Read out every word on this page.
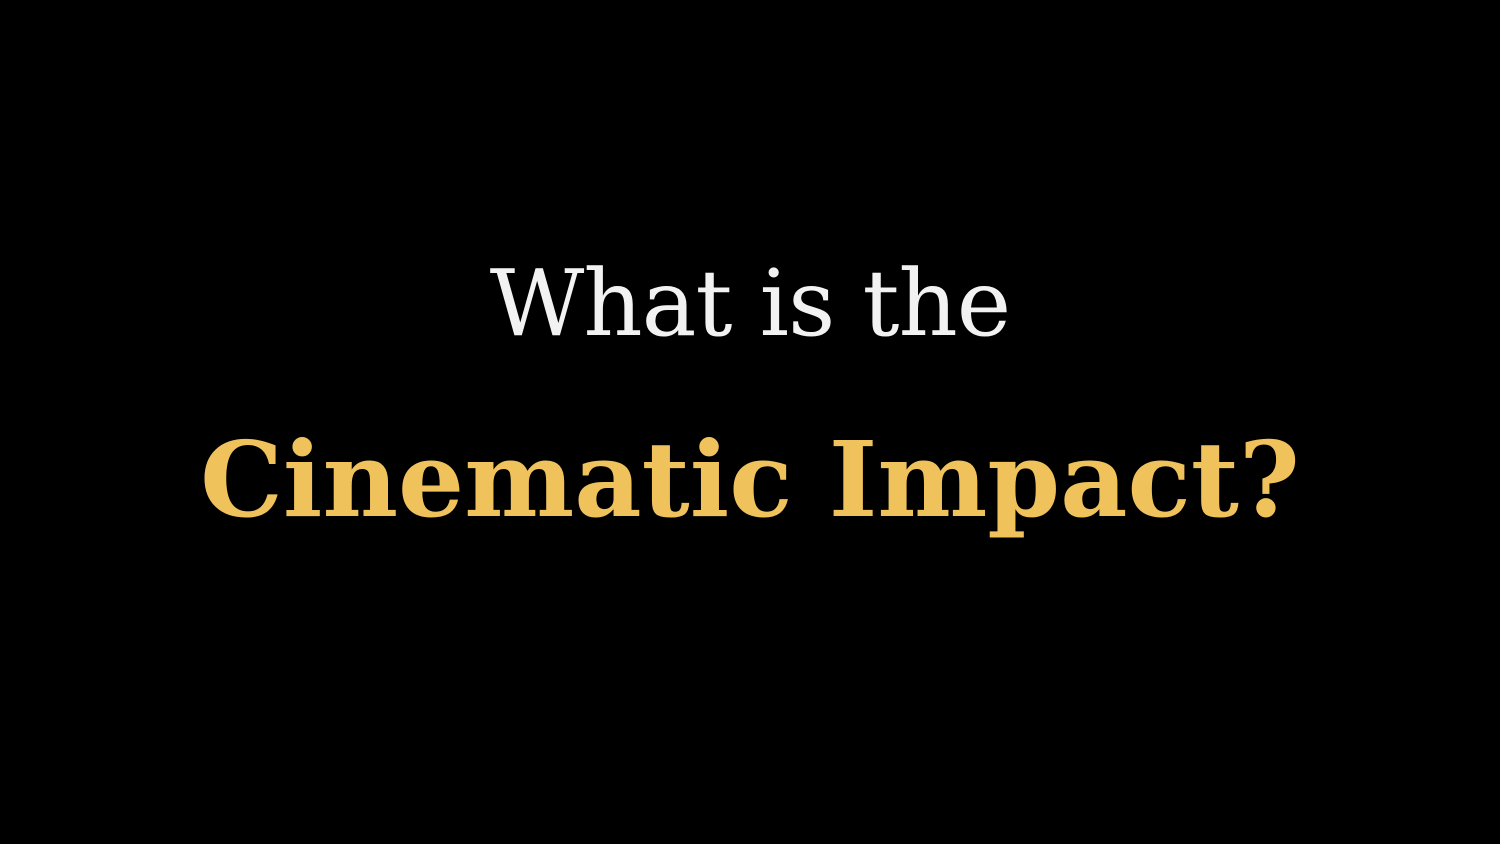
What is the
Cinematic Impact?
